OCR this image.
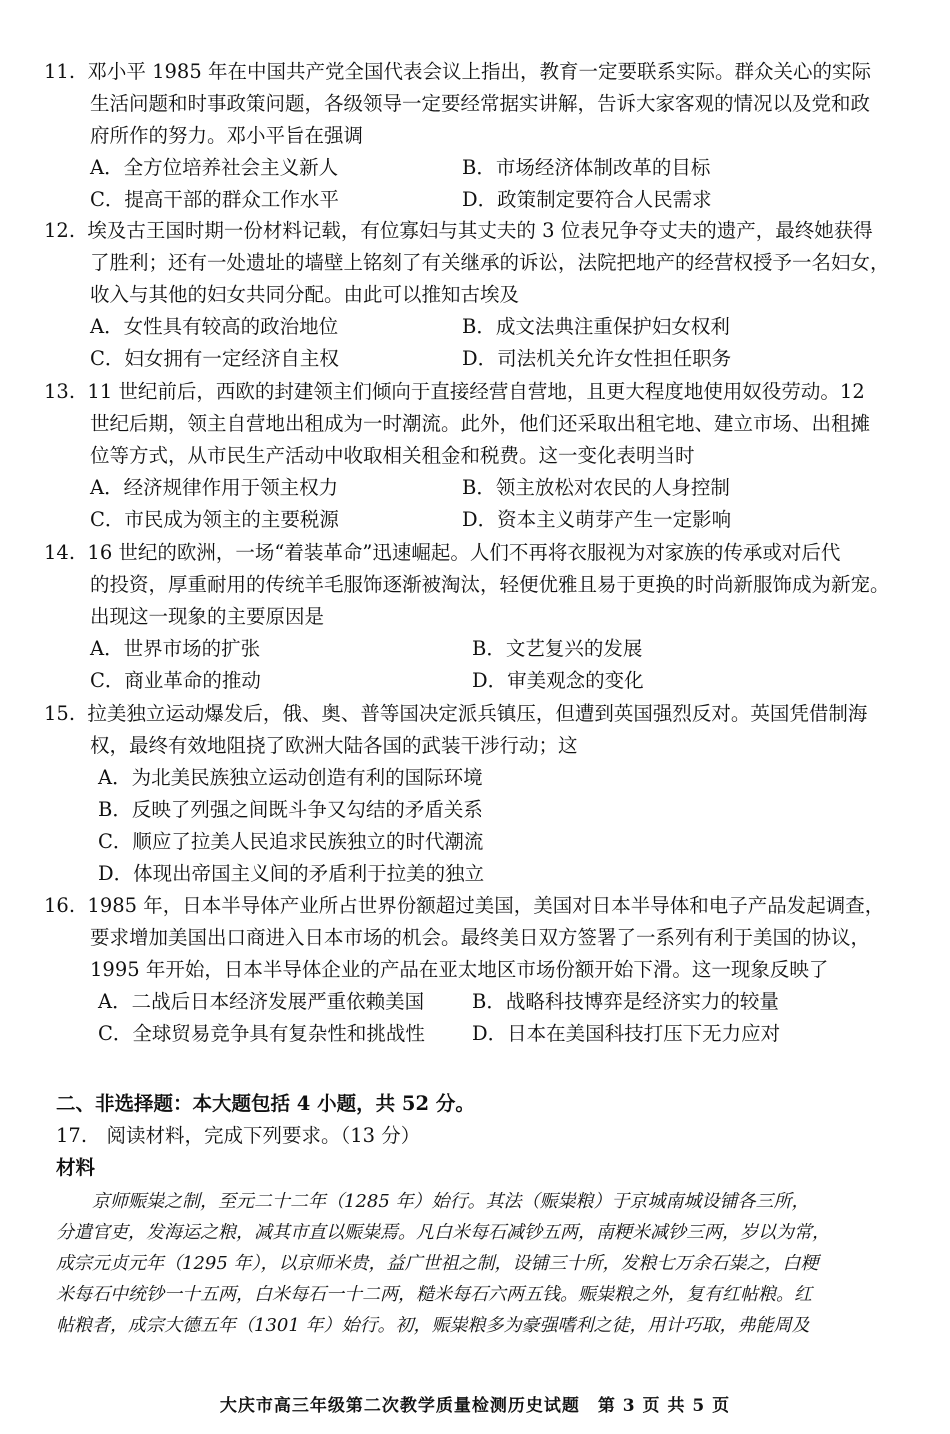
11. 邓小平 1985 年在中国共产党全国代表会议上指出，教育一定要联系实际。群众关心的实际
生活问题和时事政策问题，各级领导一定要经常据实讲解，告诉大家客观的情况以及党和政
府所作的努力。邓小平旨在强调
A．全方位培养社会主义新人	B．市场经济体制改革的目标
C．提高干部的群众工作水平	D．政策制定要符合人民需求
12. 埃及古王国时期一份材料记载，有位寡妇与其丈夫的 3 位表兄争夺丈夫的遗产，最终她获得
了胜利；还有一处遗址的墙壁上铭刻了有关继承的诉讼，法院把地产的经营权授予一名妇女，
收入与其他的妇女共同分配。由此可以推知古埃及
A．女性具有较高的政治地位	B．成文法典注重保护妇女权利
C．妇女拥有一定经济自主权	D．司法机关允许女性担任职务
13. 11 世纪前后，西欧的封建领主们倾向于直接经营自营地，且更大程度地使用奴役劳动。12
世纪后期，领主自营地出租成为一时潮流。此外，他们还采取出租宅地、建立市场、出租摊
位等方式，从市民生产活动中收取相关租金和税费。这一变化表明当时
A．经济规律作用于领主权力	B．领主放松对农民的人身控制
C．市民成为领主的主要税源	D．资本主义萌芽产生一定影响
14. 16 世纪的欧洲，一场“着装革命”迅速崛起。人们不再将衣服视为对家族的传承或对后代
的投资，厚重耐用的传统羊毛服饰逐渐被淘汰，轻便优雅且易于更换的时尚新服饰成为新宠。
出现这一现象的主要原因是
A．世界市场的扩张	B．文艺复兴的发展
C．商业革命的推动	D．审美观念的变化
15. 拉美独立运动爆发后，俄、奥、普等国决定派兵镇压，但遭到英国强烈反对。英国凭借制海
权，最终有效地阻挠了欧洲大陆各国的武装干涉行动；这
A．为北美民族独立运动创造有利的国际环境
B．反映了列强之间既斗争又勾结的矛盾关系
C．顺应了拉美人民追求民族独立的时代潮流
D．体现出帝国主义间的矛盾利于拉美的独立
16. 1985 年，日本半导体产业所占世界份额超过美国，美国对日本半导体和电子产品发起调查，
要求增加美国出口商进入日本市场的机会。最终美日双方签署了一系列有利于美国的协议，
1995 年开始，日本半导体企业的产品在亚太地区市场份额开始下滑。这一现象反映了
A．二战后日本经济发展严重依赖美国 B．战略科技博弈是经济实力的较量
C．全球贸易竞争具有复杂性和挑战性 D．日本在美国科技打压下无力应对
二、非选择题：本大题包括 4 小题，共 52 分。
17.　阅读材料，完成下列要求。（13 分）
材料
京师赈粜之制，至元二十二年（1285 年）始行。其法（赈粜粮）于京城南城设铺各三所，
分遣官吏，发海运之粮，减其市直以赈粜焉。凡白米每石减钞五两，南粳米减钞三两，岁以为常，
成宗元贞元年（1295 年），以京师米贵，益广世祖之制，设铺三十所，发粮七万余石粜之，白粳
米每石中统钞一十五两，白米每石一十二两，糙米每石六两五钱。赈粜粮之外，复有红帖粮。红
帖粮者，成宗大德五年（1301 年）始行。初，赈粜粮多为豪强嗜利之徒，用计巧取，弗能周及
大庆市高三年级第二次教学质量检测历史试题　第 3 页 共 5 页
